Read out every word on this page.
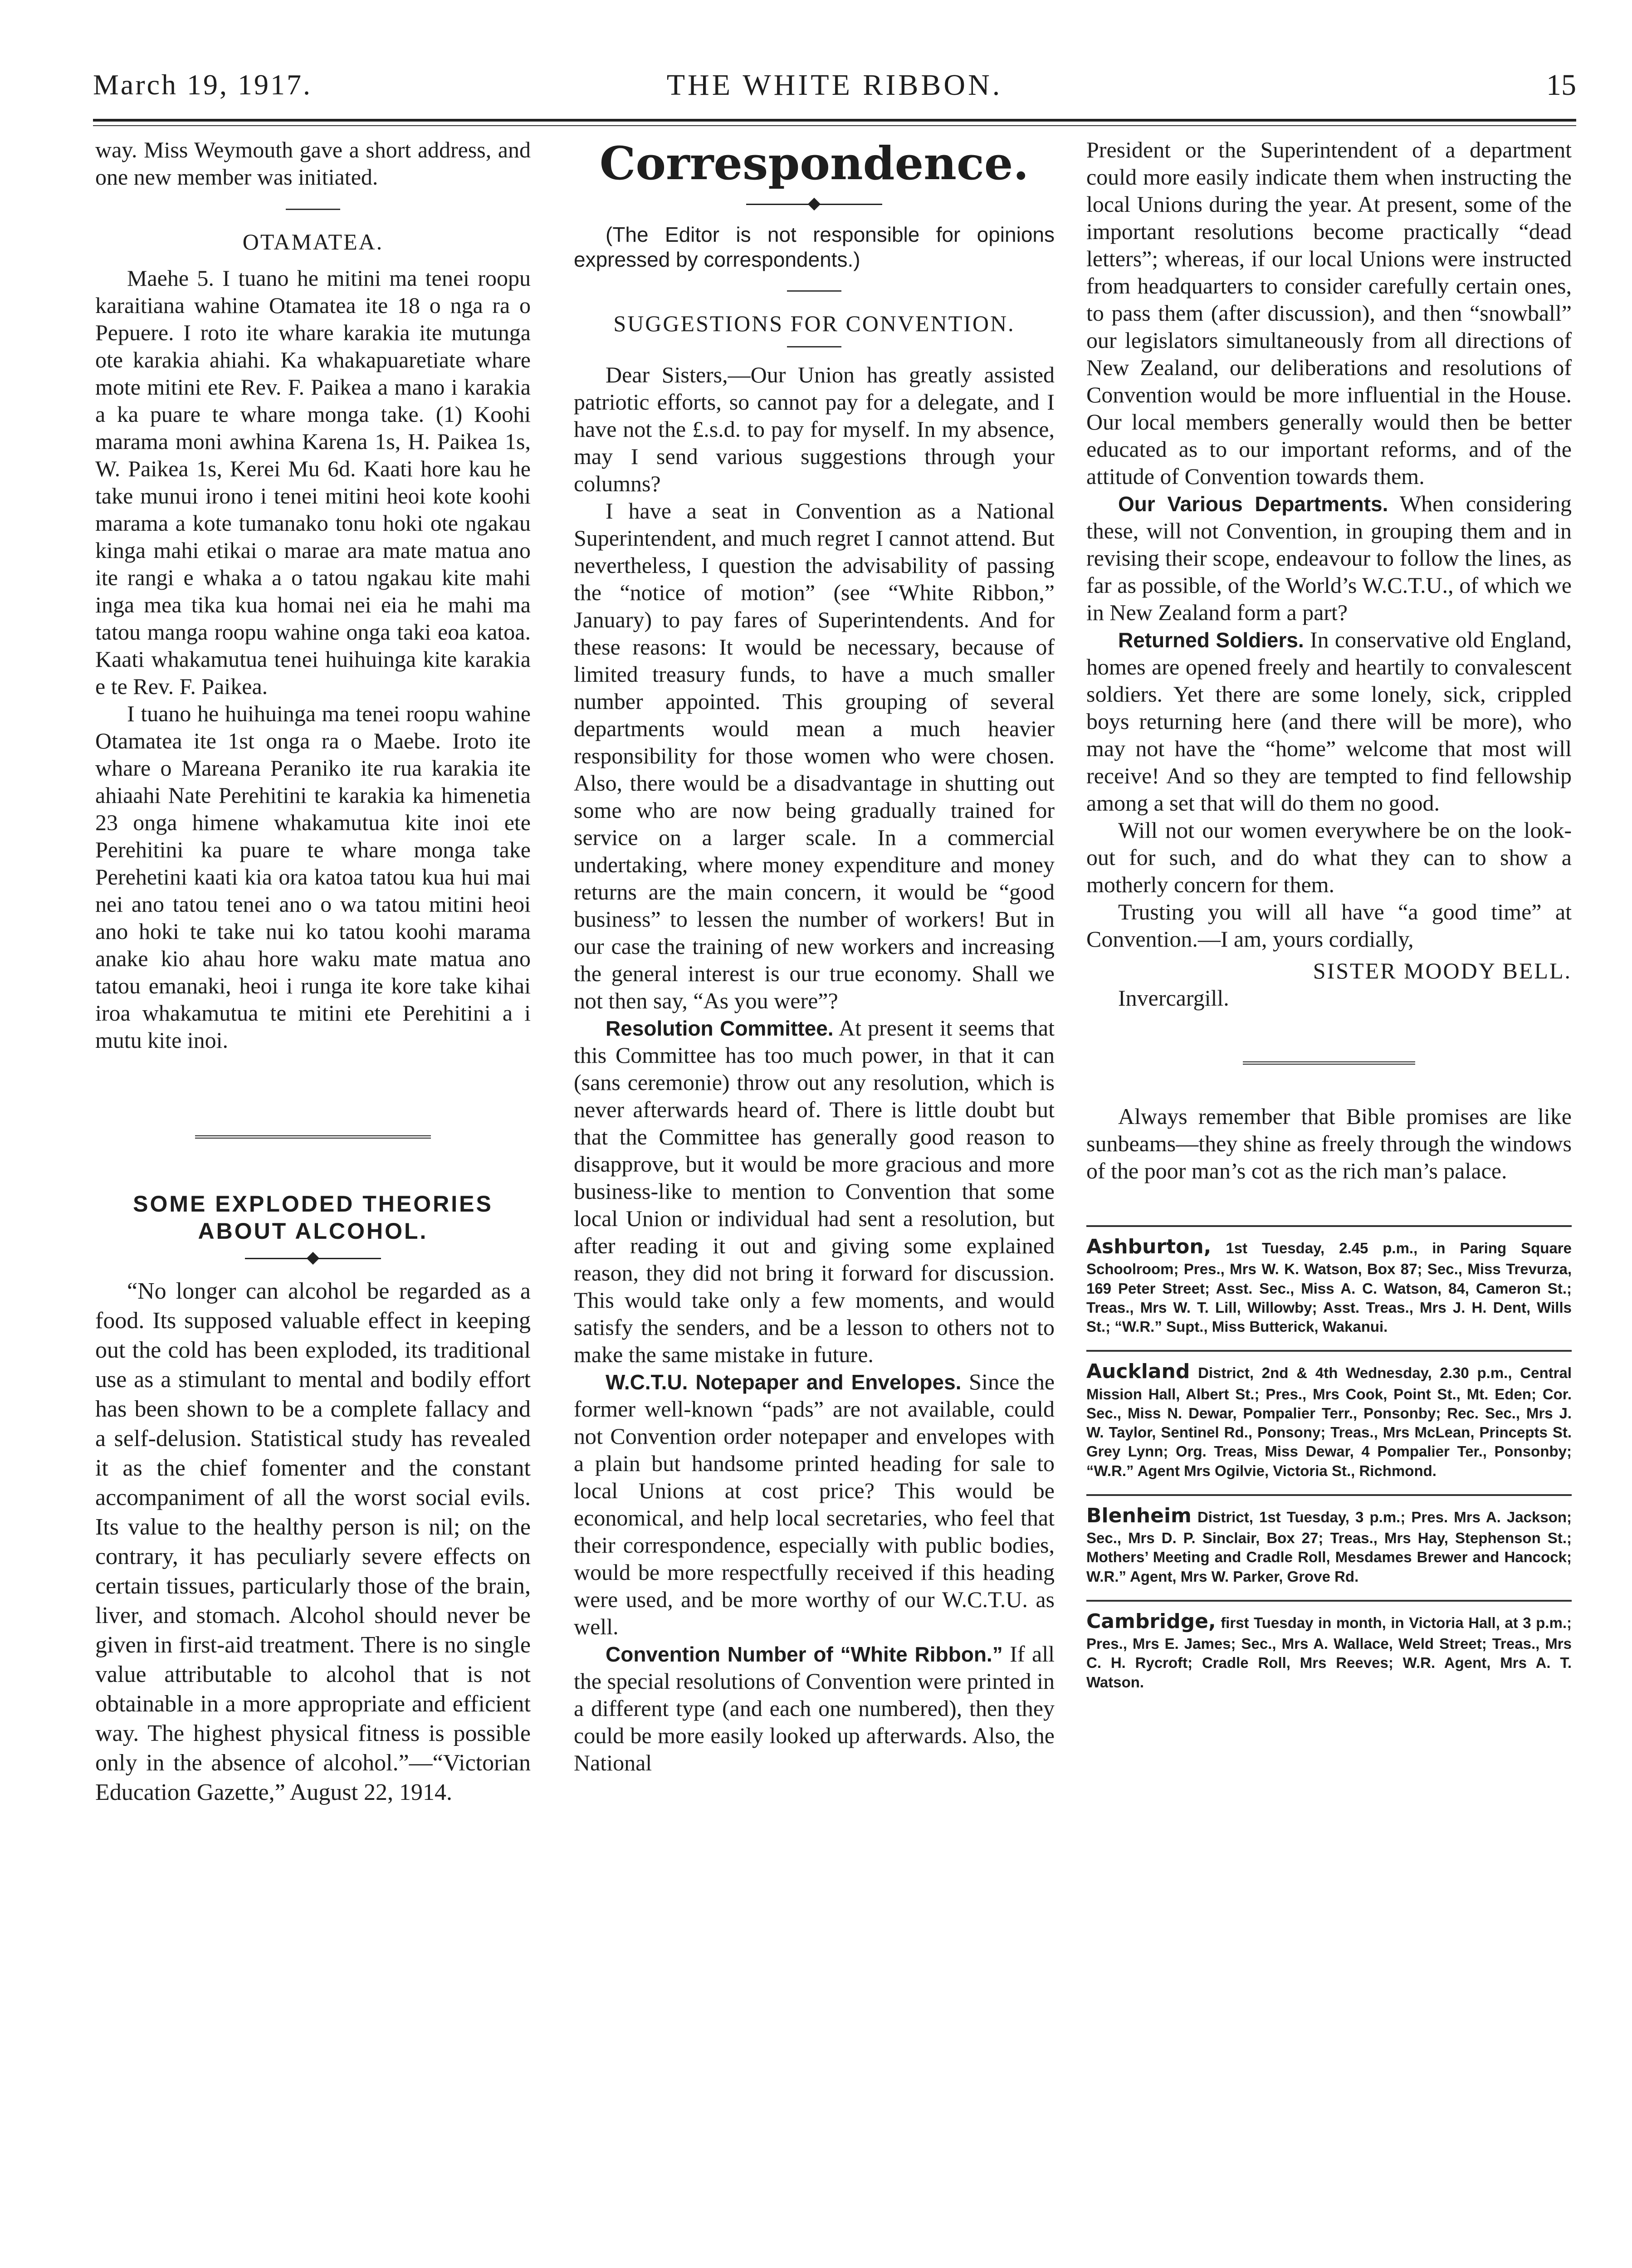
March 19, 1917.	THE WHITE RIBBON.	15

way. Miss Weymouth gave a short address, and one new member was initiated.

OTAMATEA.

Maehe 5. I tuano he mitini ma tenei roopu karaitiana wahine Otamatea ite 18 o nga ra o Pepuere. I roto ite whare karakia ite mutunga ote karakia ahiahi. Ka whakapuaretiate whare mote mitini ete Rev. F. Paikea a mano i karakia a ka puare te whare monga take. (1) Koohi marama moni awhina Karena 1s, H. Paikea 1s, W. Paikea 1s, Kerei Mu 6d. Kaati hore kau he take munui irono i tenei mitini heoi kote koohi marama a kote tumanako tonu hoki ote ngakau kinga mahi etikai o marae ara mate matua ano ite rangi e whaka a o tatou ngakau kite mahi inga mea tika kua homai nei eia he mahi ma tatou manga roopu wahine onga taki eoa katoa. Kaati whakamutua tenei huihuinga kite karakia e te Rev. F. Paikea.

I tuano he huihuinga ma tenei roopu wahine Otamatea ite 1st onga ra o Maebe. Iroto ite whare o Mareana Peraniko ite rua karakia ite ahiaahi Nate Perehitini te karakia ka himenetia 23 onga himene whakamutua kite inoi ete Perehitini ka puare te whare monga take Perehetini kaati kia ora katoa tatou kua hui mai nei ano tatou tenei ano o wa tatou mitini heoi ano hoki te take nui ko tatou koohi marama anake kio ahau hore waku mate matua ano tatou emanaki, heoi i runga ite kore take kihai iroa whakamutua te mitini ete Perehitini a i mutu kite inoi.

SOME EXPLODED THEORIES ABOUT ALCOHOL.

“No longer can alcohol be regarded as a food. Its supposed valuable effect in keeping out the cold has been exploded, its traditional use as a stimulant to mental and bodily effort has been shown to be a complete fallacy and a self-delusion. Statistical study has revealed it as the chief fomenter and the constant accompaniment of all the worst social evils. Its value to the healthy person is nil; on the contrary, it has peculiarly severe effects on certain tissues, particularly those of the brain, liver, and stomach. Alcohol should never be given in first-aid treatment. There is no single value attributable to alcohol that is not obtainable in a more appropriate and efficient way. The highest physical fitness is possible only in the absence of alcohol.”—“Victorian Education Gazette,” August 22, 1914.

Correspondence.

(The Editor is not responsible for opinions expressed by correspondents.)

SUGGESTIONS FOR CONVENTION.

Dear Sisters,—Our Union has greatly assisted patriotic efforts, so cannot pay for a delegate, and I have not the £.s.d. to pay for myself. In my absence, may I send various suggestions through your columns?

I have a seat in Convention as a National Superintendent, and much regret I cannot attend. But nevertheless, I question the advisability of passing the “notice of motion” (see “White Ribbon,” January) to pay fares of Superintendents. And for these reasons: It would be necessary, because of limited treasury funds, to have a much smaller number appointed. This grouping of several departments would mean a much heavier responsibility for those women who were chosen. Also, there would be a disadvantage in shutting out some who are now being gradually trained for service on a larger scale. In a commercial undertaking, where money expenditure and money returns are the main concern, it would be “good business” to lessen the number of workers! But in our case the training of new workers and increasing the general interest is our true economy. Shall we not then say, “As you were”?

Resolution Committee. At present it seems that this Committee has too much power, in that it can (sans ceremonie) throw out any resolution, which is never afterwards heard of. There is little doubt but that the Committee has generally good reason to disapprove, but it would be more gracious and more business-like to mention to Convention that some local Union or individual had sent a resolution, but after reading it out and giving some explained reason, they did not bring it forward for discussion. This would take only a few moments, and would satisfy the senders, and be a lesson to others not to make the same mistake in future.

W.C.T.U. Notepaper and Envelopes. Since the former well-known “pads” are not available, could not Convention order notepaper and envelopes with a plain but handsome printed heading for sale to local Unions at cost price? This would be economical, and help local secretaries, who feel that their correspondence, especially with public bodies, would be more respectfully received if this heading were used, and be more worthy of our W.C.T.U. as well.

Convention Number of “White Ribbon.” If all the special resolutions of Convention were printed in a different type (and each one numbered), then they could be more easily looked up afterwards. Also, the National

President or the Superintendent of a department could more easily indicate them when instructing the local Unions during the year. At present, some of the important resolutions become practically “dead letters”; whereas, if our local Unions were instructed from headquarters to consider carefully certain ones, to pass them (after discussion), and then “snowball” our legislators simultaneously from all directions of New Zealand, our deliberations and resolutions of Convention would be more influential in the House. Our local members generally would then be better educated as to our important reforms, and of the attitude of Convention towards them.

Our Various Departments. When considering these, will not Convention, in grouping them and in revising their scope, endeavour to follow the lines, as far as possible, of the World’s W.C.T.U., of which we in New Zealand form a part?

Returned Soldiers. In conservative old England, homes are opened freely and heartily to convalescent soldiers. Yet there are some lonely, sick, crippled boys returning here (and there will be more), who may not have the “home” welcome that most will receive! And so they are tempted to find fellowship among a set that will do them no good.

Will not our women everywhere be on the look-out for such, and do what they can to show a motherly concern for them.

Trusting you will all have “a good time” at Convention.—I am, yours cordially,

SISTER MOODY BELL.

Invercargill.

Always remember that Bible promises are like sunbeams—they shine as freely through the windows of the poor man’s cot as the rich man’s palace.

Ashburton, 1st Tuesday, 2.45 p.m., in Paring Square Schoolroom; Pres., Mrs W. K. Watson, Box 87; Sec., Miss Trevurza, 169 Peter Street; Asst. Sec., Miss A. C. Watson, 84, Cameron St.; Treas., Mrs W. T. Lill, Willowby; Asst. Treas., Mrs J. H. Dent, Wills St.; “W.R.” Supt., Miss Butterick, Wakanui.
Auckland District, 2nd & 4th Wednesday, 2.30 p.m., Central Mission Hall, Albert St.; Pres., Mrs Cook, Point St., Mt. Eden; Cor. Sec., Miss N. Dewar, Pompalier Terr., Ponsonby; Rec. Sec., Mrs J. W. Taylor, Sentinel Rd., Ponsony; Treas., Mrs McLean, Princepts St. Grey Lynn; Org. Treas, Miss Dewar, 4 Pompalier Ter., Ponsonby; “W.R.” Agent Mrs Ogilvie, Victoria St., Richmond.
Blenheim District, 1st Tuesday, 3 p.m.; Pres. Mrs A. Jackson; Sec., Mrs D. P. Sinclair, Box 27; Treas., Mrs Hay, Stephenson St.; Mothers’ Meeting and Cradle Roll, Mesdames Brewer and Hancock; W.R.” Agent, Mrs W. Parker, Grove Rd.
Cambridge, first Tuesday in month, in Victoria Hall, at 3 p.m.; Pres., Mrs E. James; Sec., Mrs A. Wallace, Weld Street; Treas., Mrs C. H. Rycroft; Cradle Roll, Mrs Reeves; W.R. Agent, Mrs A. T. Watson.
